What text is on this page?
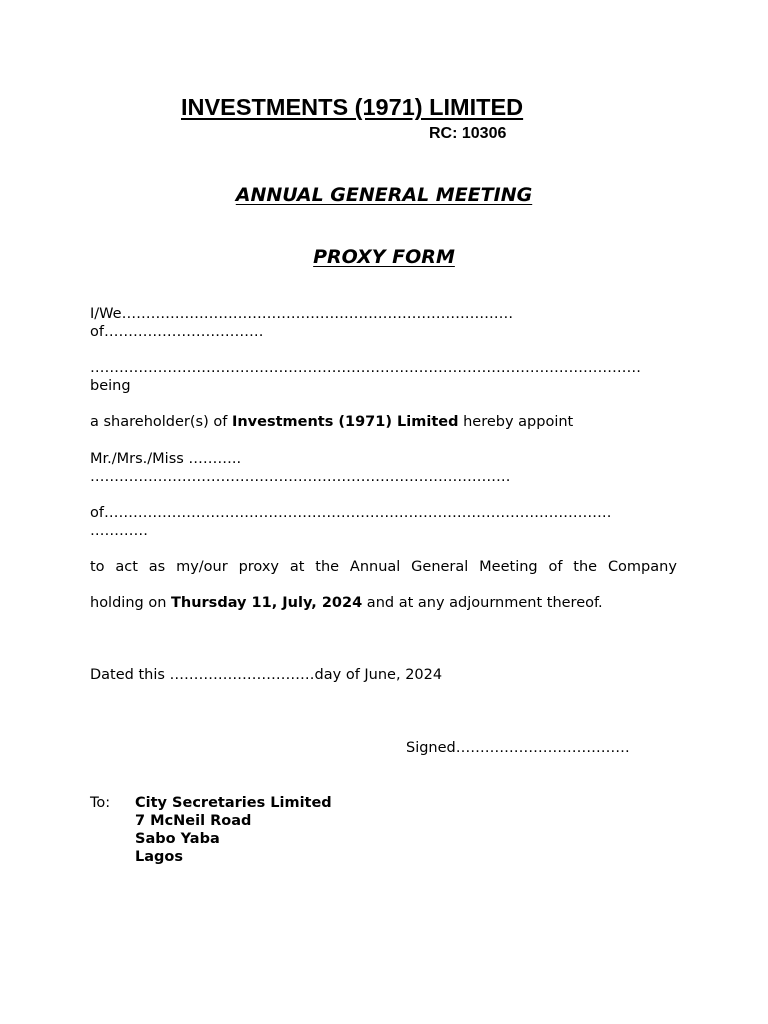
INVESTMENTS (1971) LIMITED
RC: 10306
ANNUAL GENERAL MEETING
PROXY FORM
I/We………………………………………………………………………
of……………………………
……………………………………………………………………………………………………
being
a shareholder(s) of Investments (1971) Limited hereby appoint
Mr./Mrs./Miss ………..
……………………………………………………………………………
of……………………………………………………………………………………………
…………
to act as my/our proxy at the Annual General Meeting of the Company
holding on Thursday 11, July, 2024 and at any adjournment thereof.
Dated this …………………………day of June, 2024
Signed………………………………
To: City Secretaries Limited
7 McNeil Road
Sabo Yaba
Lagos
